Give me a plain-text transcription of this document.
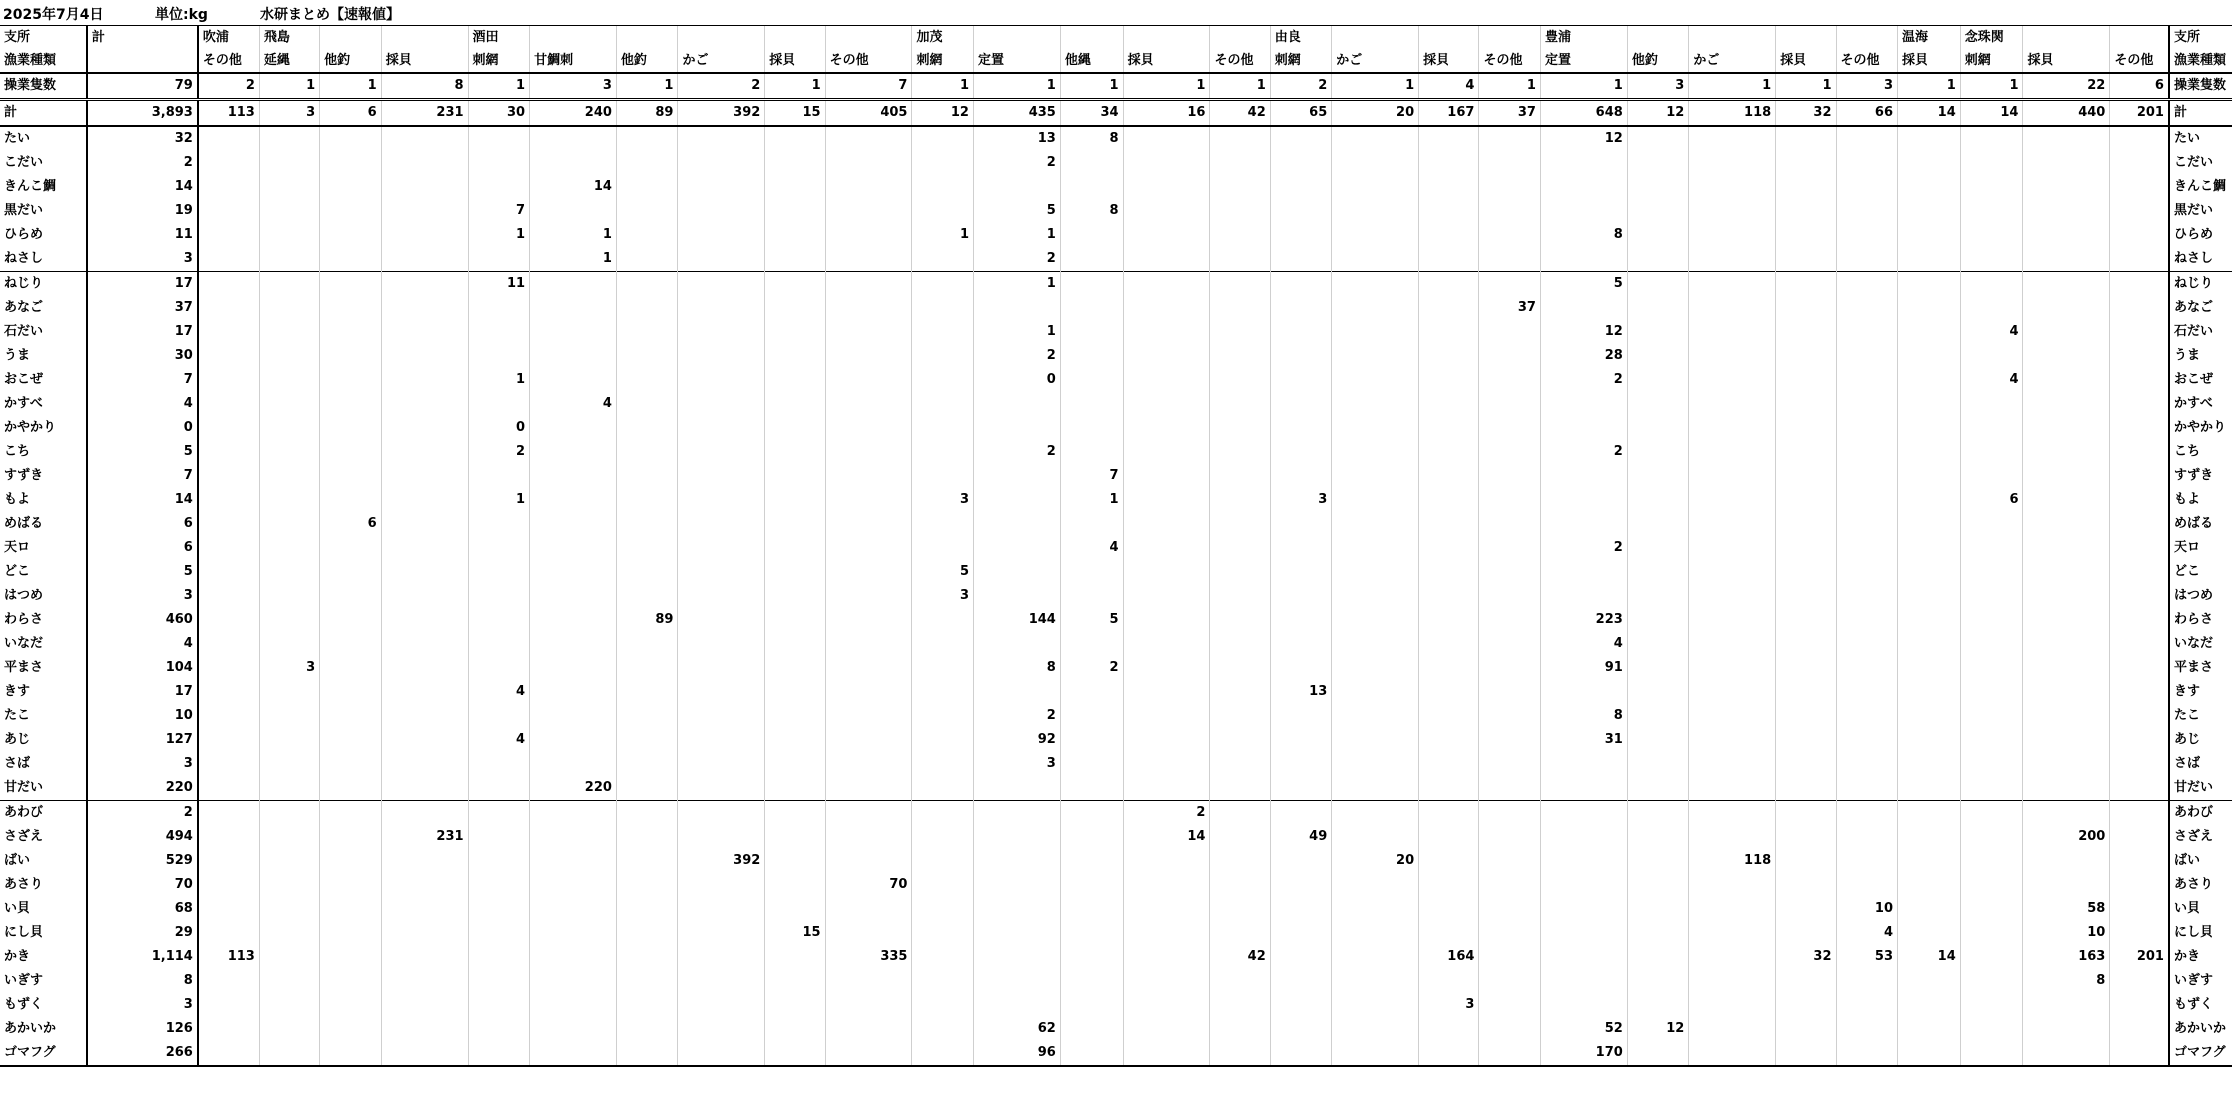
2025年7月4日	単位:kg	水研まとめ【速報値】
支所	計	吹浦	飛島			酒田						加茂					由良				豊浦					温海	念珠関			支所
漁業種類		その他	延縄	他釣	採貝	刺網	甘鯛刺	他釣	かご	採貝	その他	刺網	定置	他縄	採貝	その他	刺網	かご	採貝	その他	定置	他釣	かご	採貝	その他	採貝	刺網	採貝	その他	漁業種類
操業隻数	79	2	1	1	8	1	3	1	2	1	7	1	1	1	1	1	2	1	4	1	1	3	1	1	3	1	1	22	6	操業隻数
計	3,893	113	3	6	231	30	240	89	392	15	405	12	435	34	16	42	65	20	167	37	648	12	118	32	66	14	14	440	201	計
たい	32												13	8							12									たい
こだい	2												2																	こだい
きんこ鯛	14						14																							きんこ鯛
黒だい	19					7							5	8																黒だい
ひらめ	11					1	1					1	1								8									ひらめ
ねさし	3						1						2																	ねさし
ねじり	17					11							1								5									ねじり
あなご	37																			37										あなご
石だい	17												1								12						4			石だい
うま	30												2								28									うま
おこぜ	7					1							0								2						4			おこぜ
かすべ	4						4																							かすべ
かやかり	0					0																								かやかり
こち	5					2							2								2									こち
すずき	7													7																すずき
もよ	14					1						3		1			3										6			もよ
めばる	6			6																										めばる
天ロ	6													4							2									天ロ
どこ	5											5																		どこ
はつめ	3											3																		はつめ
わらさ	460							89					144	5							223									わらさ
いなだ	4																				4									いなだ
平まさ	104		3										8	2							91									平まさ
きす	17					4											13													きす
たこ	10												2								8									たこ
あじ	127					4							92								31									あじ
さば	3												3																	さば
甘だい	220						220																							甘だい
あわび	2														2															あわび
さざえ	494				231										14		49											200		さざえ
ばい	529								392									20					118							ばい
あさり	70										70																			あさり
い貝	68																								10			58		い貝
にし貝	29									15															4			10		にし貝
かき	1,114	113									335					42			164					32	53	14		163	201	かき
いぎす	8																											8		いぎす
もずく	3																		3											もずく
あかいか	126												62								52	12								あかいか
ゴマフグ	266												96								170									ゴマフグ
